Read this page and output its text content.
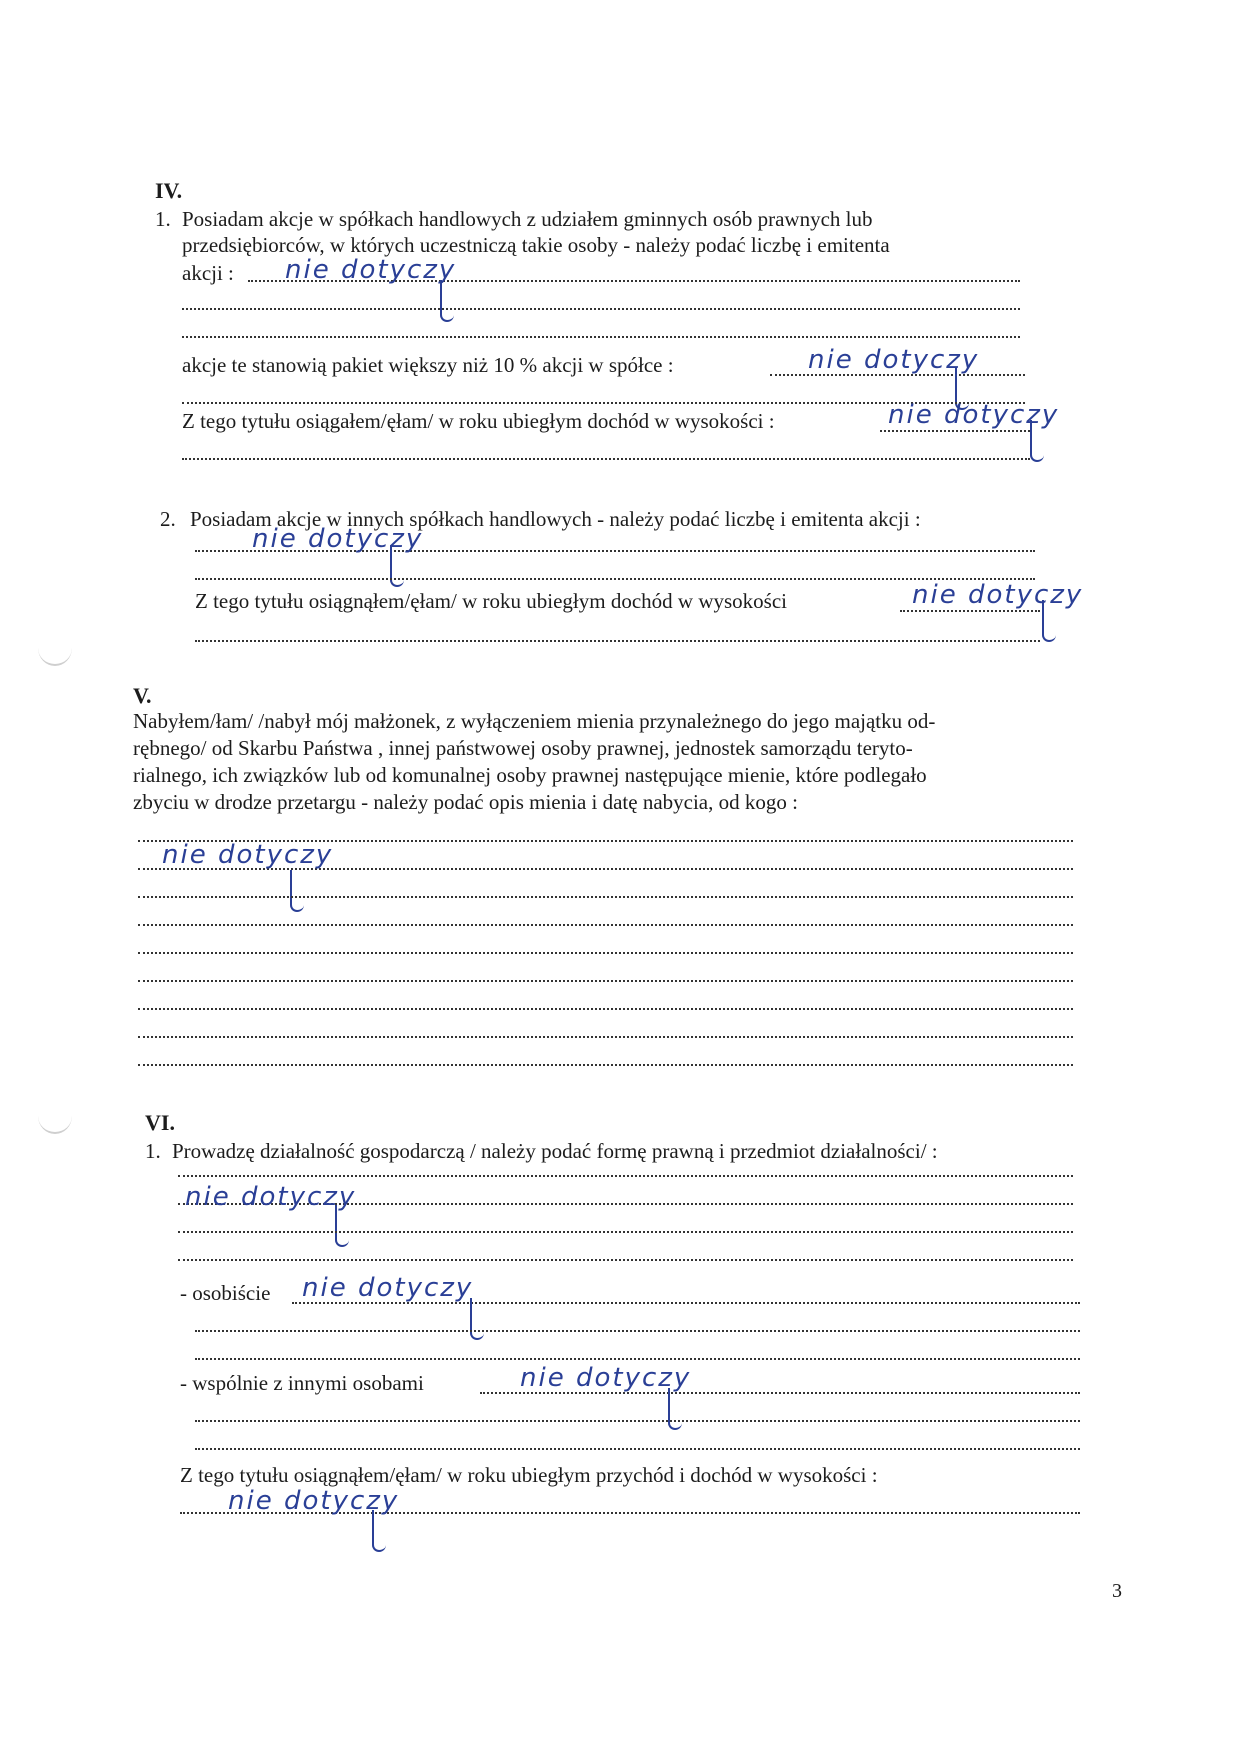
IV.
1. Posiadam akcje w spółkach handlowych z udziałem gminnych osób prawnych lub
przedsiębiorców, w których uczestniczą takie osoby - należy podać liczbę i emitenta
akcji : nie dotyczy
akcje te stanowią pakiet większy niż 10 % akcji w spółce :	nie dotyczy
Z tego tytułu osiągałem/ęłam/ w roku ubiegłym dochód w wysokości :	nie dotyczy
2. Posiadam akcje w innych spółkach handlowych - należy podać liczbę i emitenta akcji :
nie dotyczy
Z tego tytułu osiągnąłem/ęłam/ w roku ubiegłym dochód w wysokości	nie dotyczy
V.
Nabyłem/łam/ /nabył mój małżonek, z wyłączeniem mienia przynależnego do jego majątku od-
rębnego/ od Skarbu Państwa , innej państwowej osoby prawnej, jednostek samorządu teryto-
rialnego, ich związków lub od komunalnej osoby prawnej następujące mienie, które podlegało
zbyciu w drodze przetargu - należy podać opis mienia i datę nabycia, od kogo :
nie dotyczy
VI.
1. Prowadzę działalność gospodarczą / należy podać formę prawną i przedmiot działalności/ :
nie dotyczy
- osobiście nie dotyczy
- wspólnie z innymi osobami	nie dotyczy
Z tego tytułu osiągnąłem/ęłam/ w roku ubiegłym przychód i dochód w wysokości :
nie dotyczy
3
